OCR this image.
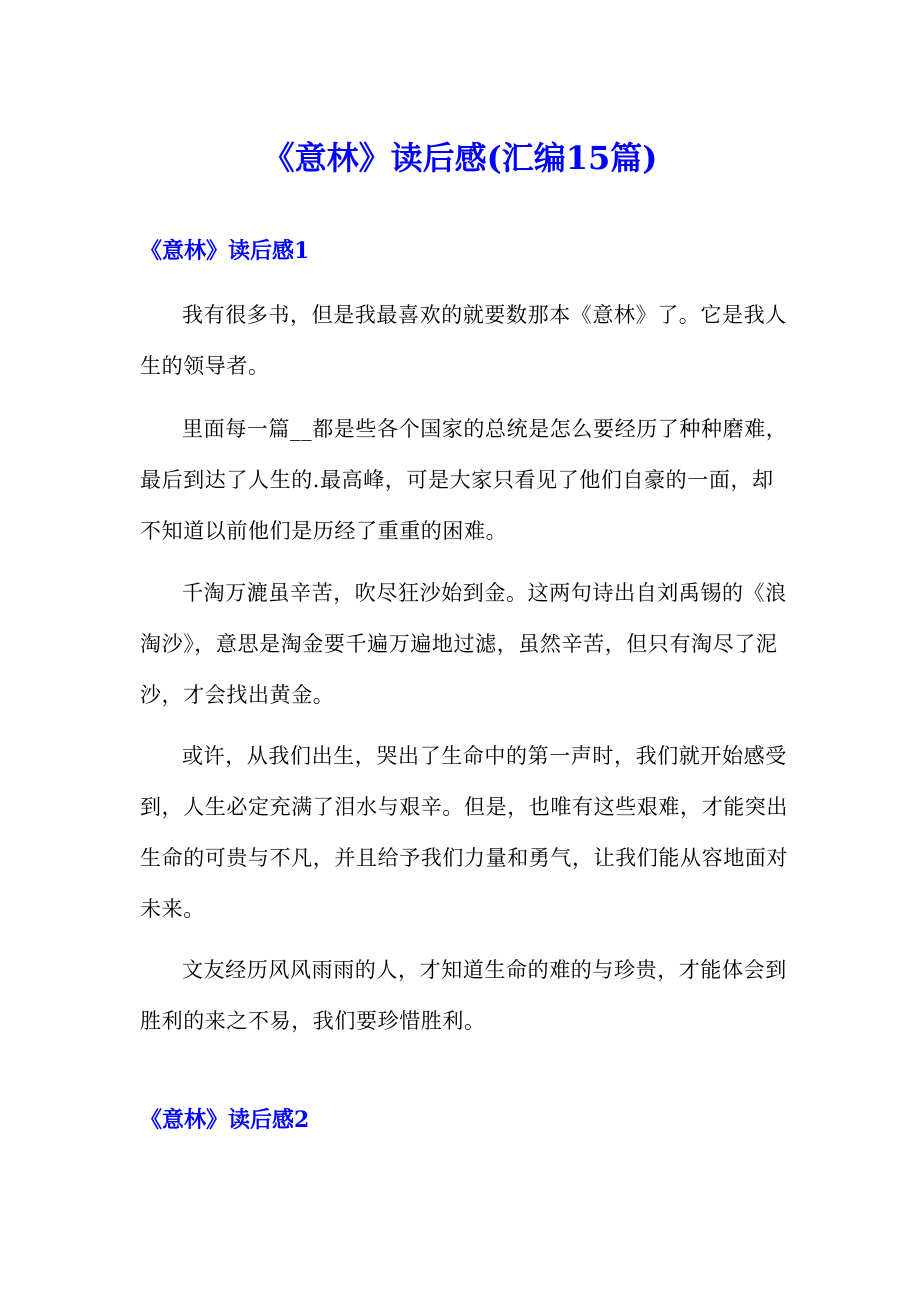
《意林》读后感(汇编15篇)
《意林》读后感1

我有很多书，但是我最喜欢的就要数那本《意林》了。它是我人生的领导者。

里面每一篇__都是些各个国家的总统是怎么要经历了种种磨难，最后到达了人生的.最高峰，可是大家只看见了他们自豪的一面，却不知道以前他们是历经了重重的困难。

千淘万漉虽辛苦，吹尽狂沙始到金。这两句诗出自刘禹锡的《浪淘沙》，意思是淘金要千遍万遍地过滤，虽然辛苦，但只有淘尽了泥沙，才会找出黄金。

或许，从我们出生，哭出了生命中的第一声时，我们就开始感受到，人生必定充满了泪水与艰辛。但是，也唯有这些艰难，才能突出生命的可贵与不凡，并且给予我们力量和勇气，让我们能从容地面对未来。

文友经历风风雨雨的人，才知道生命的难的与珍贵，才能体会到胜利的来之不易，我们要珍惜胜利。

《意林》读后感2
